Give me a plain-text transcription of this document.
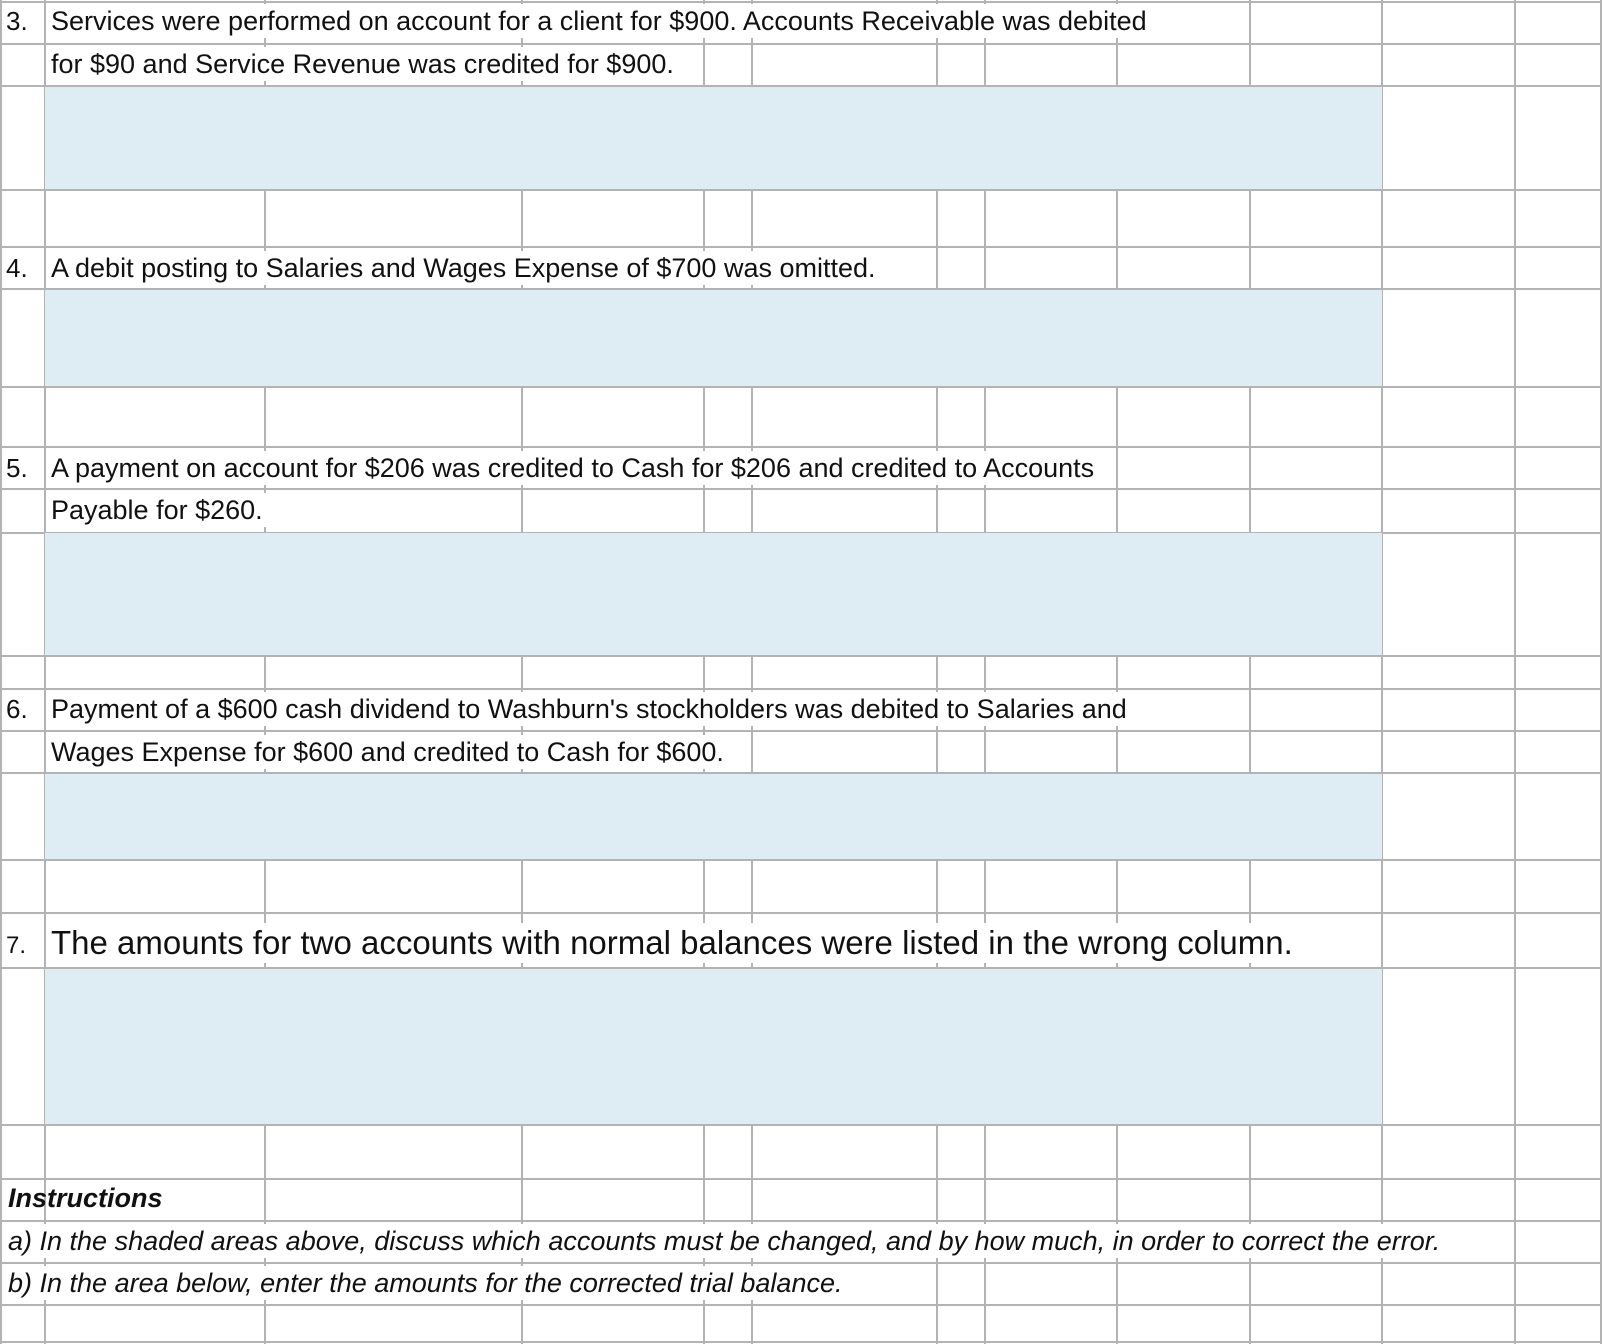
3. Services were performed on account for a client for $900. Accounts Receivable was debited
for $90 and Service Revenue was credited for $900.
4. A debit posting to Salaries and Wages Expense of $700 was omitted.
5. A payment on account for $206 was credited to Cash for $206 and credited to Accounts
Payable for $260.
6. Payment of a $600 cash dividend to Washburn's stockholders was debited to Salaries and
Wages Expense for $600 and credited to Cash for $600.
7. The amounts for two accounts with normal balances were listed in the wrong column.
Instructions
a) In the shaded areas above, discuss which accounts must be changed, and by how much, in order to correct the error.
b) In the area below, enter the amounts for the corrected trial balance.
